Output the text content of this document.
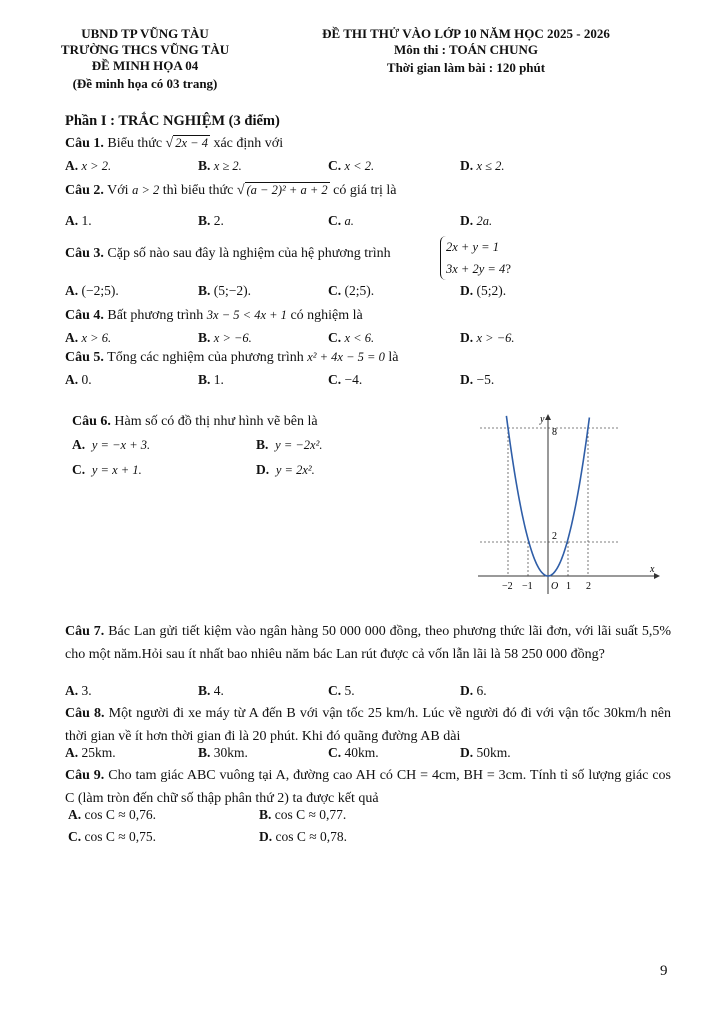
UBND TP VŨNG TÀU
TRƯỜNG THCS VŨNG TÀU
ĐỀ MINH HỌA 04
(Đề minh họa có 03 trang)
ĐỀ THI THỬ VÀO LỚP 10 NĂM HỌC 2025 - 2026
Môn thi : TOÁN CHUNG
Thời gian làm bài : 120 phút
Phần I : TRẮC NGHIỆM (3 điểm)
Câu 1. Biểu thức √ 2x − 4 xác định với
A. x > 2.	B. x ≥ 2.	C. x < 2.	D. x ≤ 2.
Câu 2. Với a > 2 thì biểu thức √ (a − 2)² + a + 2 có giá trị là
A. 1.	B. 2.	C. a.	D. 2a.
Câu 3. Cặp số nào sau đây là nghiệm của hệ phương trình	2x + y = 1
3x + 2y = 4 ?
A. (−2;5).	B. (5;−2).	C. (2;5).	D. (5;2).
Câu 4. Bất phương trình 3x − 5 < 4x + 1 có nghiệm là
A. x > 6.	B. x > −6.	C. x < 6.	D. x > −6.
Câu 5. Tổng các nghiệm của phương trình x² + 4x − 5 = 0 là
A. 0.	B. 1.	C. −4.	D. −5.
Câu 6. Hàm số có đồ thị như hình vẽ bên là
A. y = −x + 3.	B. y = −2x².
C. y = x + 1.	D. y = 2x².
x
y
O
−2 −1	1 2
2
8
Câu 7. Bác Lan gửi tiết kiệm vào ngân hàng 50 000 000 đồng, theo phương thức lãi đơn, với lãi suất 5,5% cho một năm.Hỏi sau ít nhất bao nhiêu năm bác Lan rút được cả vốn lẫn lãi là 58 250 000 đồng?
A. 3.	B. 4.	C. 5.	D. 6.
Câu 8. Một người đi xe máy từ A đến B với vận tốc 25 km/h. Lúc về người đó đi với vận tốc 30km/h nên thời gian về ít hơn thời gian đi là 20 phút. Khi đó quãng đường AB dài
A. 25km.	B. 30km.	C. 40km.	D. 50km.
Câu 9. Cho tam giác ABC vuông tại A, đường cao AH có CH = 4cm, BH = 3cm. Tính tỉ số lượng giác cos C (làm tròn đến chữ số thập phân thứ 2) ta được kết quả
A. cos C ≈ 0,76.	B. cos C ≈ 0,77.
C. cos C ≈ 0,75.	D. cos C ≈ 0,78.
9
